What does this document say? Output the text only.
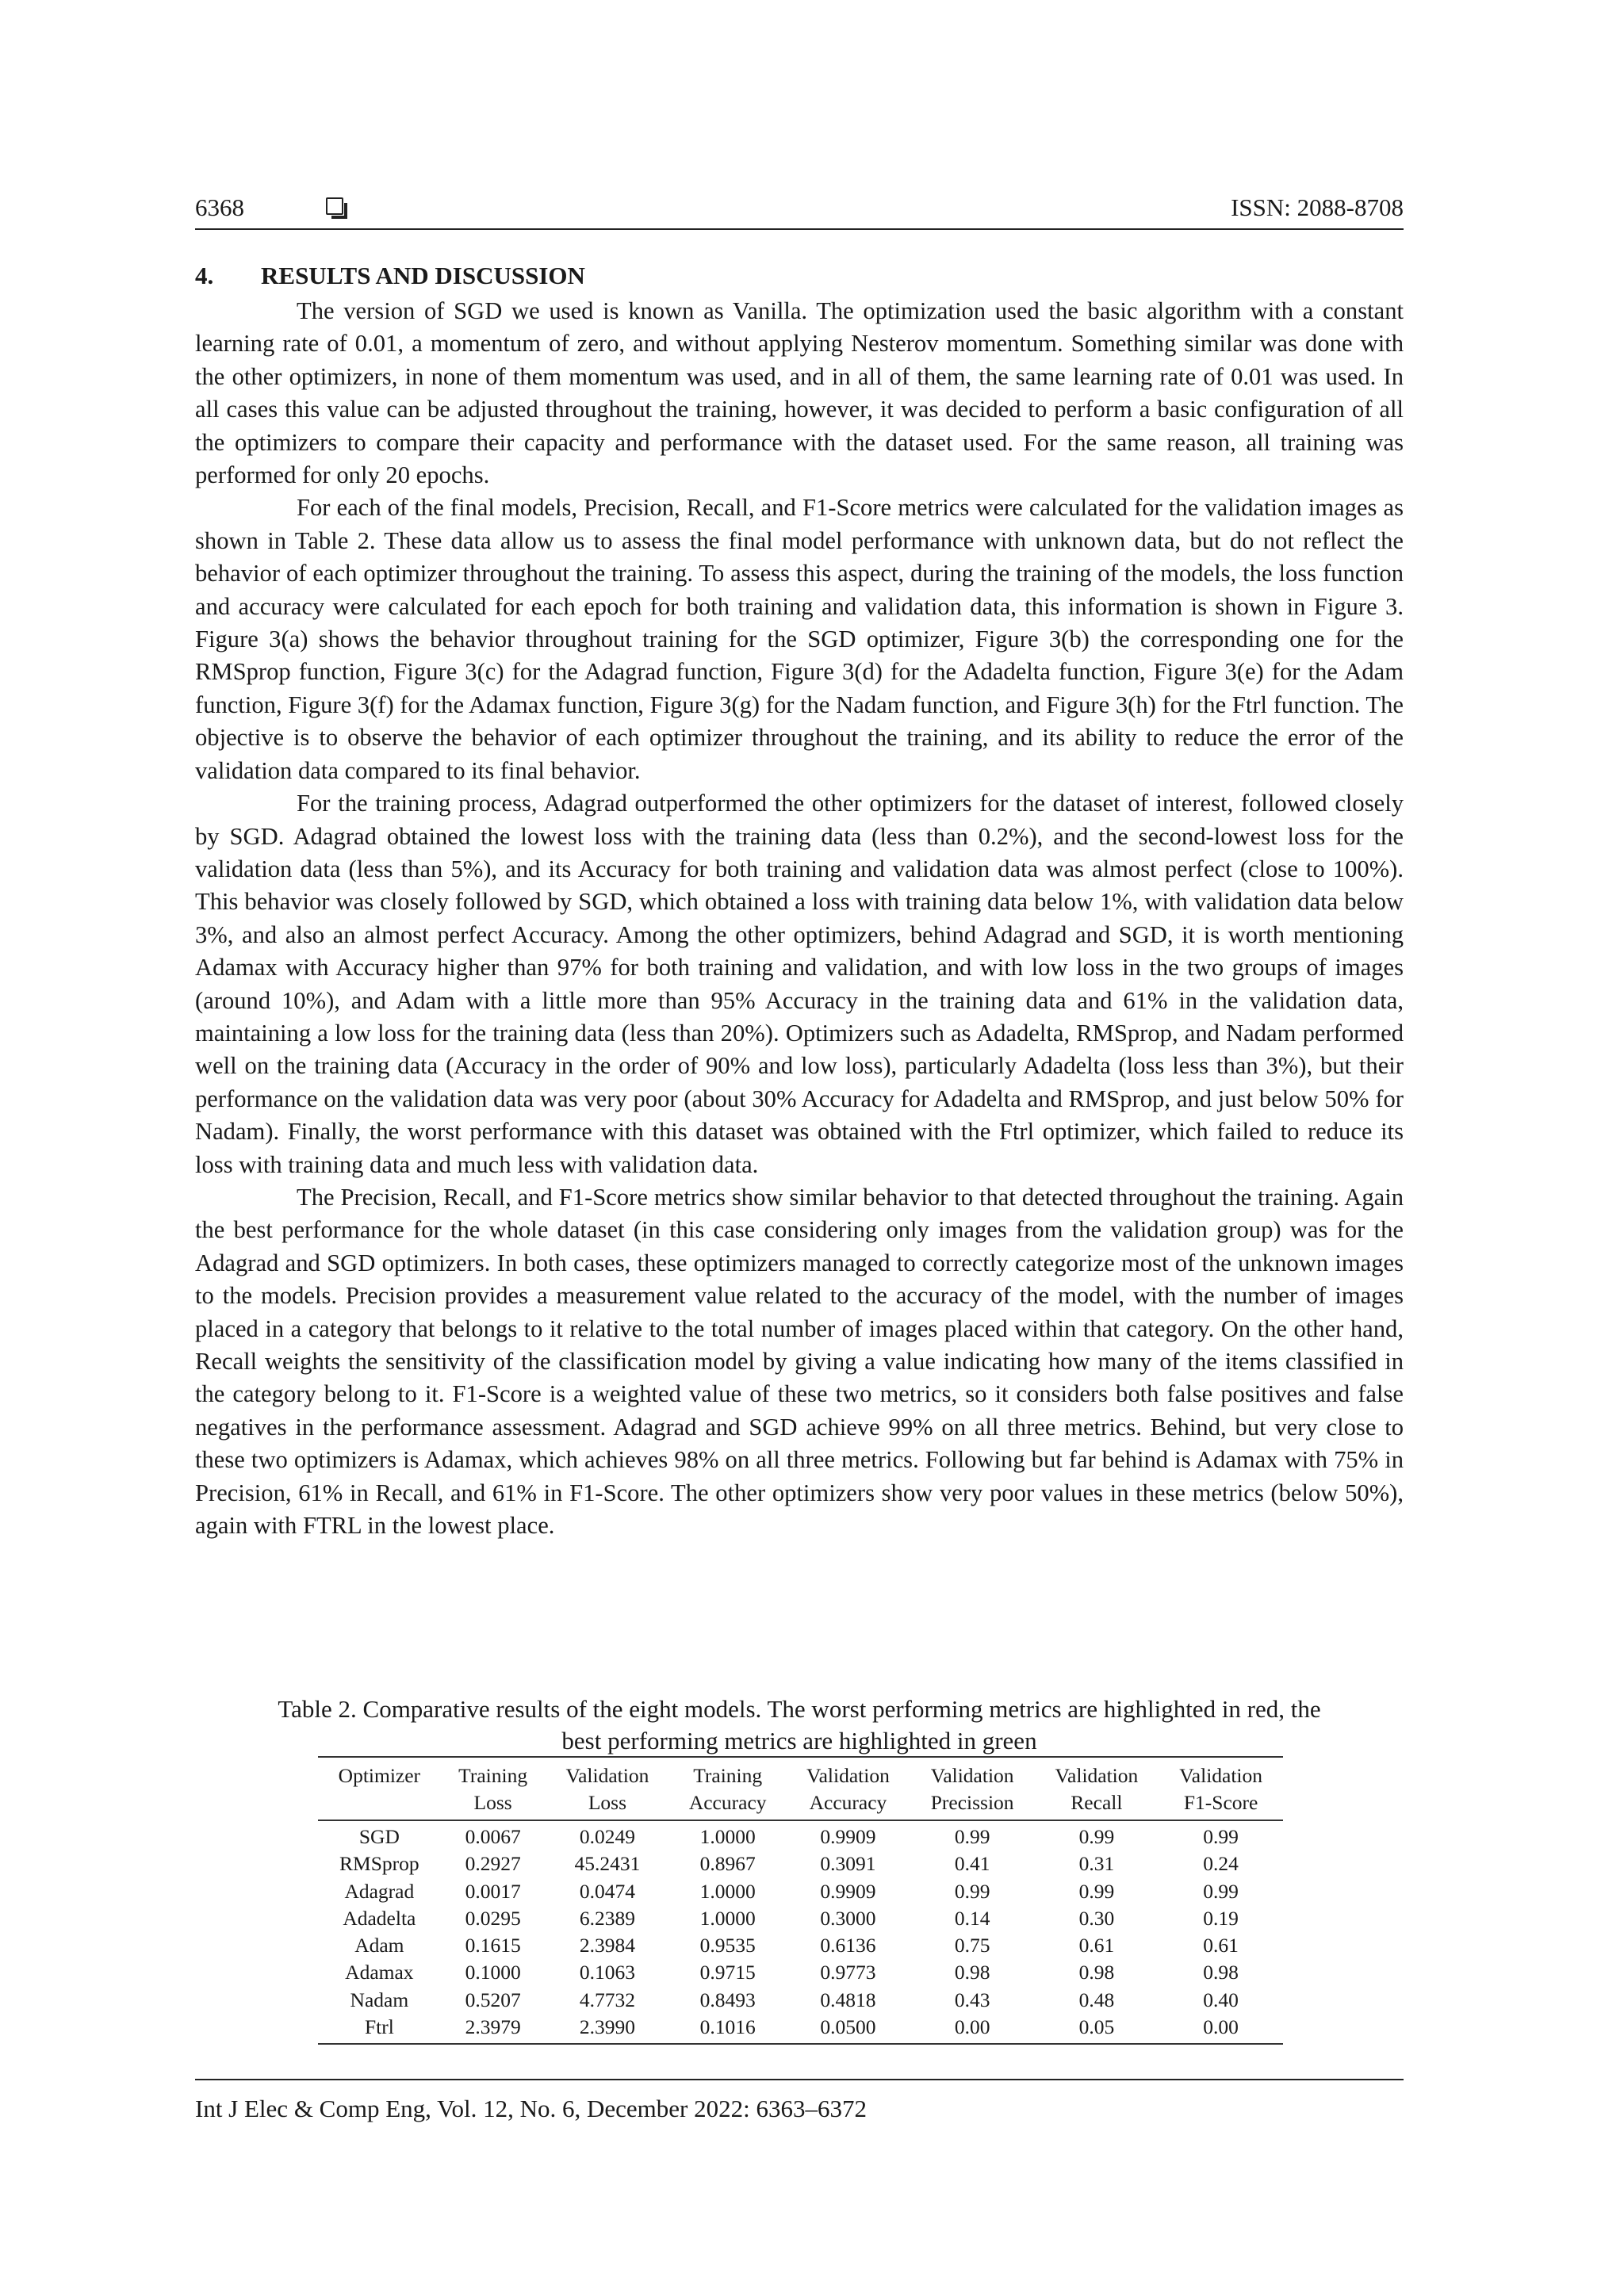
6368	ISSN: 2088-8708
4. RESULTS AND DISCUSSION

The version of SGD we used is known as Vanilla. The optimization used the basic algorithm with a constant learning rate of 0.01, a momentum of zero, and without applying Nesterov momentum. Something similar was done with the other optimizers, in none of them momentum was used, and in all of them, the same learning rate of 0.01 was used. In all cases this value can be adjusted throughout the training, however, it was decided to perform a basic configuration of all the optimizers to compare their capacity and performance with the dataset used. For the same reason, all training was performed for only 20 epochs.

For each of the final models, Precision, Recall, and F1-Score metrics were calculated for the validation images as shown in Table 2. These data allow us to assess the final model performance with unknown data, but do not reflect the behavior of each optimizer throughout the training. To assess this aspect, during the training of the models, the loss function and accuracy were calculated for each epoch for both training and validation data, this information is shown in Figure 3. Figure 3(a) shows the behavior throughout training for the SGD optimizer, Figure 3(b) the corresponding one for the RMSprop function, Figure 3(c) for the Adagrad function, Figure 3(d) for the Adadelta function, Figure 3(e) for the Adam function, Figure 3(f) for the Adamax function, Figure 3(g) for the Nadam function, and Figure 3(h) for the Ftrl function. The objective is to observe the behavior of each optimizer throughout the training, and its ability to reduce the error of the validation data compared to its final behavior.

For the training process, Adagrad outperformed the other optimizers for the dataset of interest, followed closely by SGD. Adagrad obtained the lowest loss with the training data (less than 0.2%), and the second-lowest loss for the validation data (less than 5%), and its Accuracy for both training and validation data was almost perfect (close to 100%). This behavior was closely followed by SGD, which obtained a loss with training data below 1%, with validation data below 3%, and also an almost perfect Accuracy. Among the other optimizers, behind Adagrad and SGD, it is worth mentioning Adamax with Accuracy higher than 97% for both training and validation, and with low loss in the two groups of images (around 10%), and Adam with a little more than 95% Accuracy in the training data and 61% in the validation data, maintaining a low loss for the training data (less than 20%). Optimizers such as Adadelta, RMSprop, and Nadam performed well on the training data (Accuracy in the order of 90% and low loss), particularly Adadelta (loss less than 3%), but their performance on the validation data was very poor (about 30% Accuracy for Adadelta and RMSprop, and just below 50% for Nadam). Finally, the worst performance with this dataset was obtained with the Ftrl optimizer, which failed to reduce its loss with training data and much less with validation data.

The Precision, Recall, and F1-Score metrics show similar behavior to that detected throughout the training. Again the best performance for the whole dataset (in this case considering only images from the validation group) was for the Adagrad and SGD optimizers. In both cases, these optimizers managed to correctly categorize most of the unknown images to the models. Precision provides a measurement value related to the accuracy of the model, with the number of images placed in a category that belongs to it relative to the total number of images placed within that category. On the other hand, Recall weights the sensitivity of the classification model by giving a value indicating how many of the items classified in the category belong to it. F1-Score is a weighted value of these two metrics, so it considers both false positives and false negatives in the performance assessment. Adagrad and SGD achieve 99% on all three metrics. Behind, but very close to these two optimizers is Adamax, which achieves 98% on all three metrics. Following but far behind is Adamax with 75% in Precision, 61% in Recall, and 61% in F1-Score. The other optimizers show very poor values in these metrics (below 50%), again with FTRL in the lowest place.

Table 2. Comparative results of the eight models. The worst performing metrics are highlighted in red, the
best performing metrics are highlighted in green
Optimizer	Training	Validation	Training	Validation	Validation	Validation	Validation
	Loss	Loss	Accuracy	Accuracy	Precission	Recall	F1-Score
SGD	0.0067	0.0249	1.0000	0.9909	0.99	0.99	0.99
RMSprop	0.2927	45.2431	0.8967	0.3091	0.41	0.31	0.24
Adagrad	0.0017	0.0474	1.0000	0.9909	0.99	0.99	0.99
Adadelta	0.0295	6.2389	1.0000	0.3000	0.14	0.30	0.19
Adam	0.1615	2.3984	0.9535	0.6136	0.75	0.61	0.61
Adamax	0.1000	0.1063	0.9715	0.9773	0.98	0.98	0.98
Nadam	0.5207	4.7732	0.8493	0.4818	0.43	0.48	0.40
Ftrl	2.3979	2.3990	0.1016	0.0500	0.00	0.05	0.00
Int J Elec & Comp Eng, Vol. 12, No. 6, December 2022: 6363–6372
